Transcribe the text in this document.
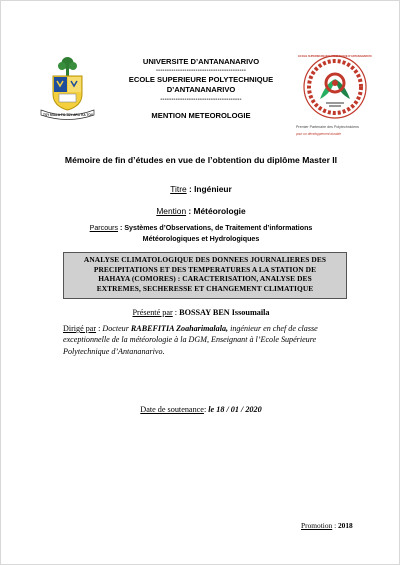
TSY MIALA FO TSY ARO KA TOY
ECOLE SUPERIEURE POLYTECHNIQUE D'ANTANANARIVO
Premier Partenaire des Polytechniciens
pour un développement durable
UNIVERSITE D’ANTANANARIVO
-----------------------------------------
ECOLE SUPERIEURE POLYTECHNIQUE
D’ANTANANARIVO
-------------------------------------
MENTION METEOROLOGIE
Mémoire de fin d’études en vue de l’obtention du diplôme Master II
Titre : Ingénieur
Mention : Météorologie
Parcours : Systèmes d’Observations, de Traitement d’informations
Météorologiques et Hydrologiques
ANALYSE CLIMATOLOGIQUE DES DONNEES JOURNALIERES DES
PRECIPITATIONS ET DES TEMPERATURES A LA STATION DE
HAHAYA (COMORES) : CARACTERISATION, ANALYSE DES
EXTREMES, SECHERESSE ET CHANGEMENT CLIMATIQUE
Présenté par : BOSSAY BEN Issoumaïla
Dirigé par : Docteur RABEFITIA Zoaharimalala, ingénieur en chef de classe
exceptionnelle de la météorologie à la DGM, Enseignant à l’Ecole Supérieure
Polytechnique d’Antananarivo.
Date de soutenance: le 18 / 01 / 2020
Promotion : 2018
